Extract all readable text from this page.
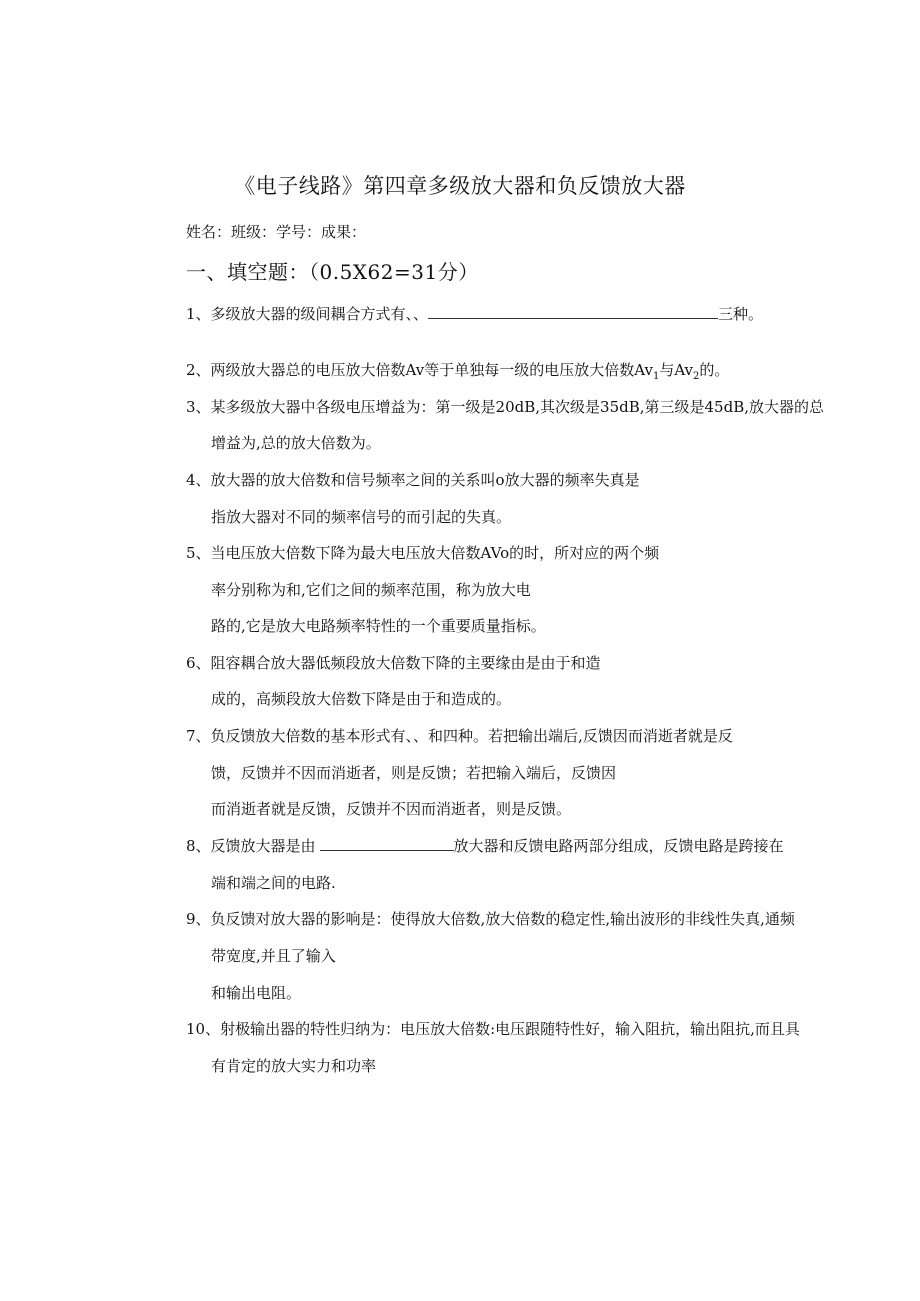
《电子线路》第四章多级放大器和负反馈放大器
姓名：班级：学号：成果：
一、填空题：（0.5X62=31分）
1、多级放大器的级间耦合方式有、、	三种。
2、两级放大器总的电压放大倍数Av等于单独每一级的电压放大倍数$Av_1$与$Av_2$的。
3、某多级放大器中各级电压增益为：第一级是20dB,其次级是35dB,第三级是45dB,放大器的总
增益为,总的放大倍数为。
4、放大器的放大倍数和信号频率之间的关系叫o放大器的频率失真是
指放大器对不同的频率信号的而引起的失真。
5、当电压放大倍数下降为最大电压放大倍数AVo的时，所对应的两个频
率分别称为和,它们之间的频率范围，称为放大电
路的,它是放大电路频率特性的一个重要质量指标。
6、阻容耦合放大器低频段放大倍数下降的主要缘由是由于和造
成的，高频段放大倍数下降是由于和造成的。
7、负反馈放大倍数的基本形式有、、和四种。若把输出端后,反馈因而消逝者就是反
馈，反馈并不因而消逝者，则是反馈；若把输入端后，反馈因
而消逝者就是反馈，反馈并不因而消逝者，则是反馈。
8、反馈放大器是由	放大器和反馈电路两部分组成，反馈电路是跨接在
端和端之间的电路.
9、负反馈对放大器的影响是：使得放大倍数,放大倍数的稳定性,输出波形的非线性失真,通频
带宽度,并且了输入
和输出电阻。
10、射极输出器的特性归纳为：电压放大倍数:电压跟随特性好，输入阻抗，输出阻抗,而且具
有肯定的放大实力和功率
